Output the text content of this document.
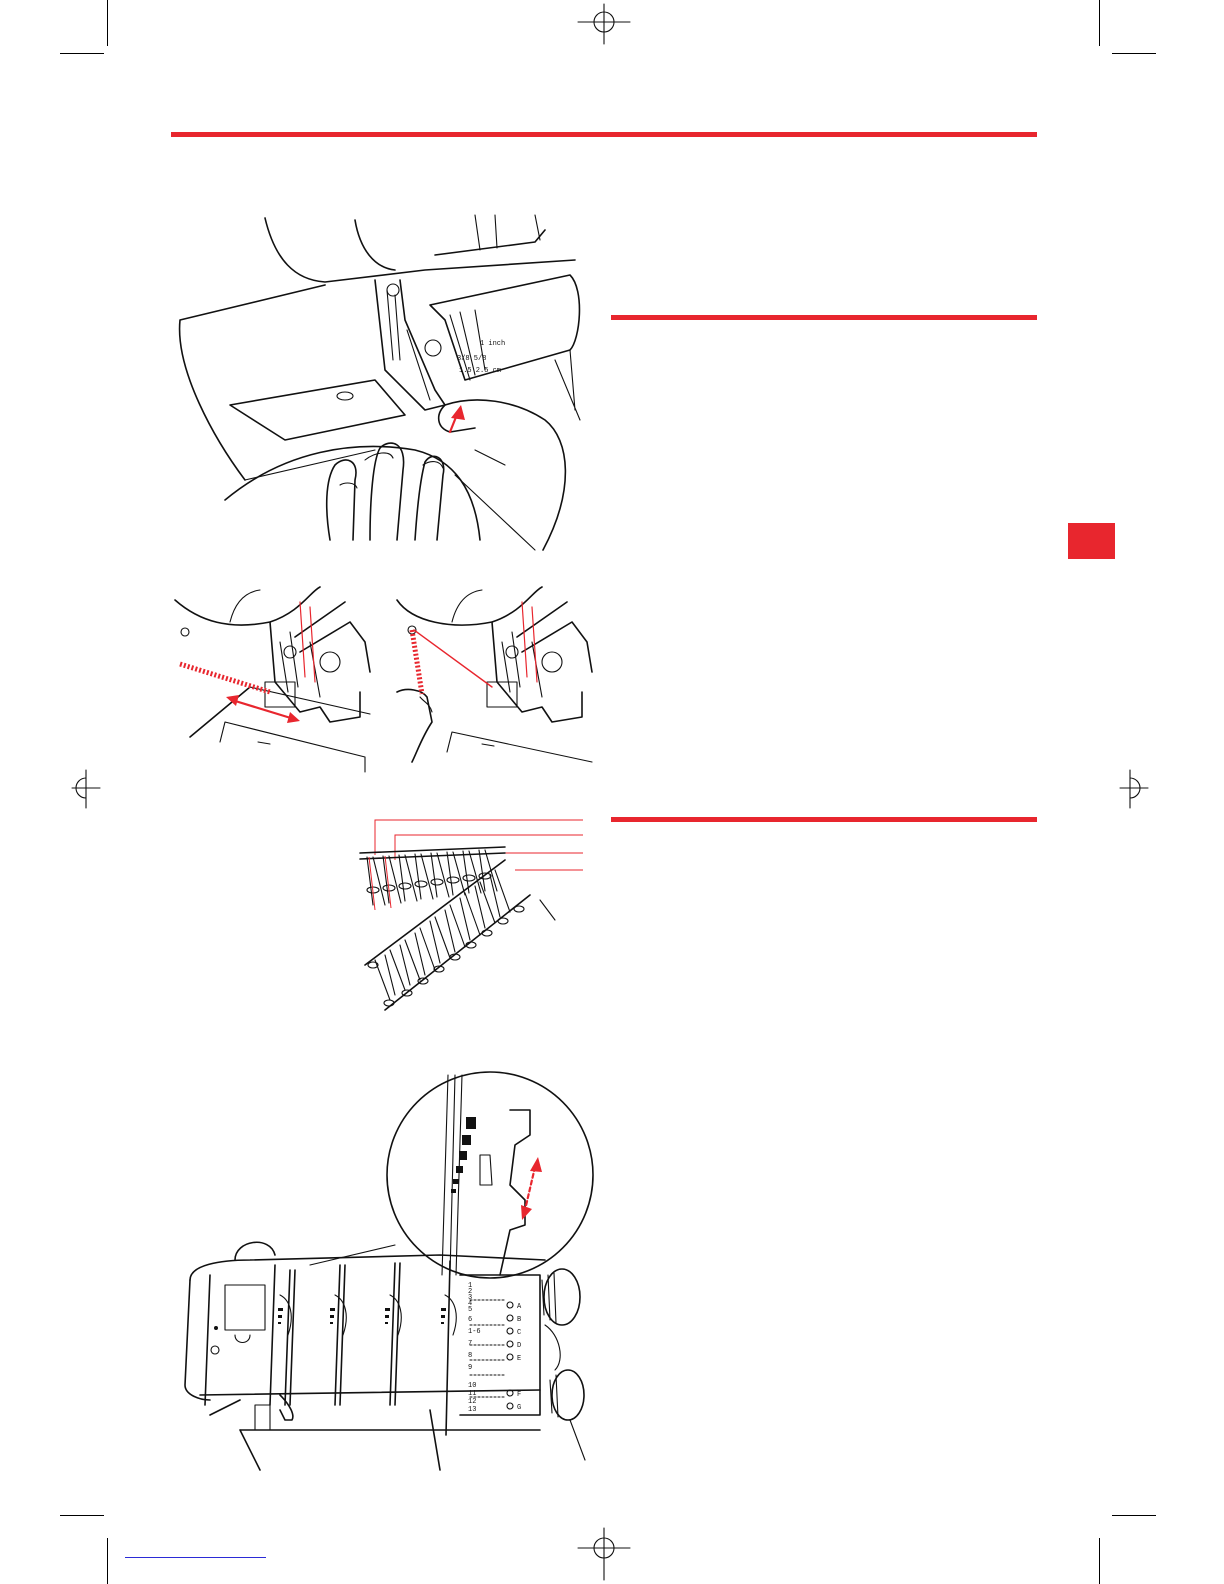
1 inch
3/8 5/8
1.5 2.5 cm
1
2
3
4
5
6
1-6
7
8
9
10
11
12
13
A
B
C
D
E
F
G
